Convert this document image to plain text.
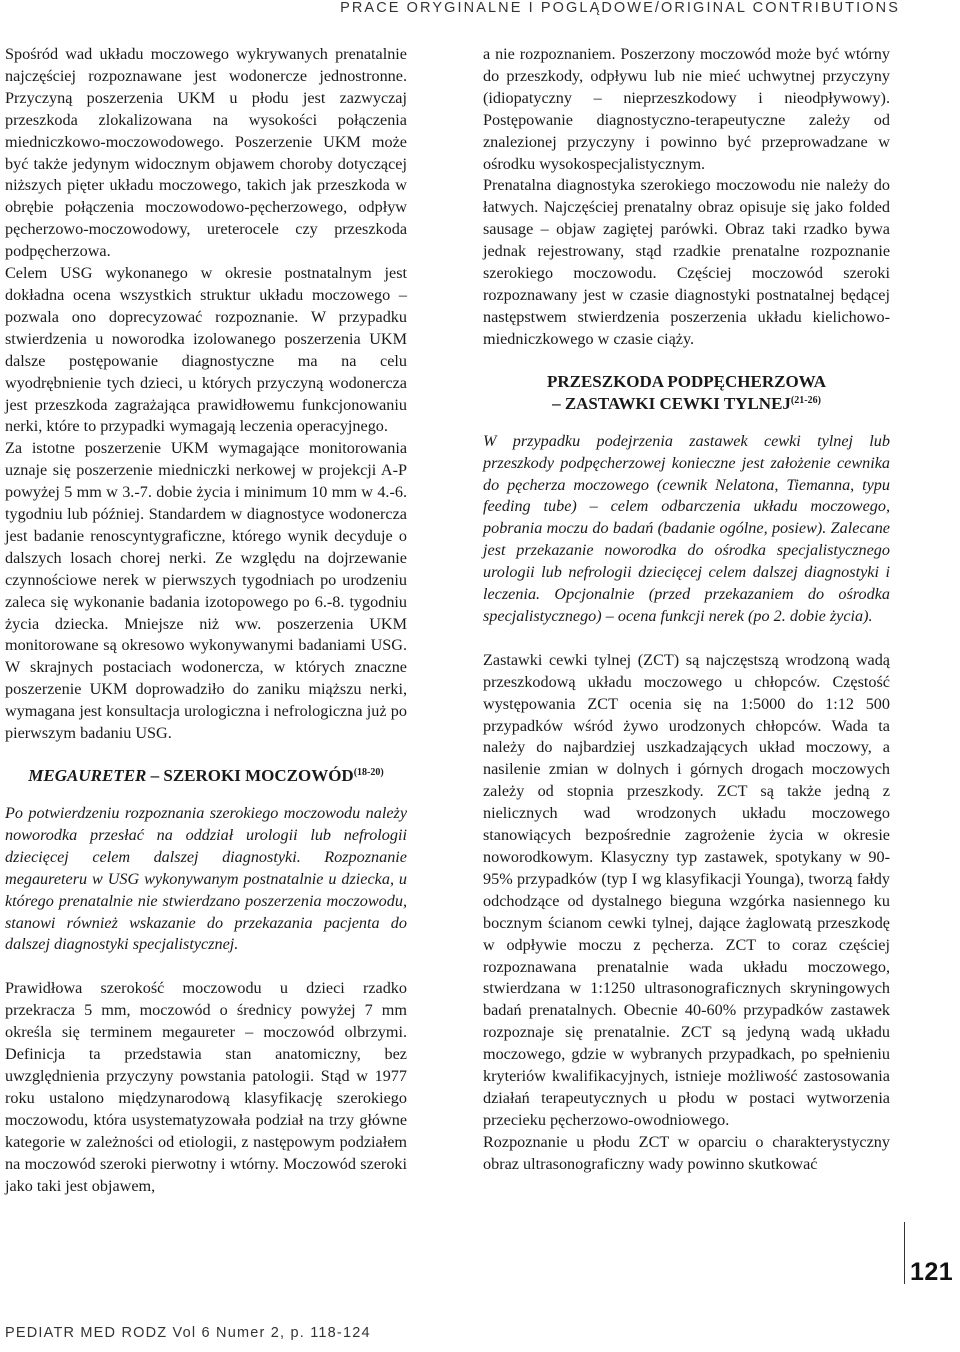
PRACE ORYGINALNE I POGLĄDOWE/ORIGINAL CONTRIBUTIONS

Spośród wad układu moczowego wykrywanych prenatalnie najczęściej rozpoznawane jest wodonercze jednostronne. Przyczyną poszerzenia UKM u płodu jest zazwyczaj przeszkoda zlokalizowana na wysokości połączenia miedniczkowo-moczowodowego. Poszerzenie UKM może być także jedynym widocznym objawem choroby dotyczącej niższych pięter układu moczowego, takich jak przeszkoda w obrębie połączenia moczowodowo-pęcherzowego, odpływ pęcherzowo-moczowodowy, ureterocele czy przeszkoda podpęcherzowa.

Celem USG wykonanego w okresie postnatalnym jest dokładna ocena wszystkich struktur układu moczowego – pozwala ono doprecyzować rozpoznanie. W przypadku stwierdzenia u noworodka izolowanego poszerzenia UKM dalsze postępowanie diagnostyczne ma na celu wyodrębnienie tych dzieci, u których przyczyną wodonercza jest przeszkoda zagrażająca prawidłowemu funkcjonowaniu nerki, które to przypadki wymagają leczenia operacyjnego.

Za istotne poszerzenie UKM wymagające monitorowania uznaje się poszerzenie miedniczki nerkowej w projekcji A-P powyżej 5 mm w 3.-7. dobie życia i minimum 10 mm w 4.-6. tygodniu lub później. Standardem w diagnostyce wodonercza jest badanie renoscyntygraficzne, którego wynik decyduje o dalszych losach chorej nerki. Ze względu na dojrzewanie czynnościowe nerek w pierwszych tygodniach po urodzeniu zaleca się wykonanie badania izotopowego po 6.-8. tygodniu życia dziecka. Mniejsze niż ww. poszerzenia UKM monitorowane są okresowo wykonywanymi badaniami USG. W skrajnych postaciach wodonercza, w których znaczne poszerzenie UKM doprowadziło do zaniku miąższu nerki, wymagana jest konsultacja urologiczna i nefrologiczna już po pierwszym badaniu USG.

MEGAURETER – SZEROKI MOCZOWÓD$^{(18-20)}$

Po potwierdzeniu rozpoznania szerokiego moczowodu należy noworodka przesłać na oddział urologii lub nefrologii dziecięcej celem dalszej diagnostyki. Rozpoznanie megaureteru w USG wykonywanym postnatalnie u dziecka, u którego prenatalnie nie stwierdzano poszerzenia moczowodu, stanowi również wskazanie do przekazania pacjenta do dalszej diagnostyki specjalistycznej.

Prawidłowa szerokość moczowodu u dzieci rzadko przekracza 5 mm, moczowód o średnicy powyżej 7 mm określa się terminem megaureter – moczowód olbrzymi. Definicja ta przedstawia stan anatomiczny, bez uwzględnienia przyczyny powstania patologii. Stąd w 1977 roku ustalono międzynarodową klasyfikację szerokiego moczowodu, która usystematyzowała podział na trzy główne kategorie w zależności od etiologii, z następowym podziałem na moczowód szeroki pierwotny i wtórny. Moczowód szeroki jako taki jest objawem,

a nie rozpoznaniem. Poszerzony moczowód może być wtórny do przeszkody, odpływu lub nie mieć uchwytnej przyczyny (idiopatyczny – nieprzeszkodowy i nieodpływowy). Postępowanie diagnostyczno-terapeutyczne zależy od znalezionej przyczyny i powinno być przeprowadzane w ośrodku wysokospecjalistycznym.

Prenatalna diagnostyka szerokiego moczowodu nie należy do łatwych. Najczęściej prenatalny obraz opisuje się jako folded sausage – objaw zagiętej parówki. Obraz taki rzadko bywa jednak rejestrowany, stąd rzadkie prenatalne rozpoznanie szerokiego moczowodu. Częściej moczowód szeroki rozpoznawany jest w czasie diagnostyki postnatalnej będącej następstwem stwierdzenia poszerzenia układu kielichowo-miedniczkowego w czasie ciąży.

PRZESZKODA PODPĘCHERZOWA
– ZASTAWKI CEWKI TYLNEJ$^{(21-26)}$

W przypadku podejrzenia zastawek cewki tylnej lub przeszkody podpęcherzowej konieczne jest założenie cewnika do pęcherza moczowego (cewnik Nelatona, Tiemanna, typu feeding tube) – celem odbarczenia układu moczowego, pobrania moczu do badań (badanie ogólne, posiew). Zalecane jest przekazanie noworodka do ośrodka specjalistycznego urologii lub nefrologii dziecięcej celem dalszej diagnostyki i leczenia. Opcjonalnie (przed przekazaniem do ośrodka specjalistycznego) – ocena funkcji nerek (po 2. dobie życia).

Zastawki cewki tylnej (ZCT) są najczęstszą wrodzoną wadą przeszkodową układu moczowego u chłopców. Częstość występowania ZCT ocenia się na 1:5000 do 1:12 500 przypadków wśród żywo urodzonych chłopców. Wada ta należy do najbardziej uszkadzających układ moczowy, a nasilenie zmian w dolnych i górnych drogach moczowych zależy od stopnia przeszkody. ZCT są także jedną z nielicznych wad wrodzonych układu moczowego stanowiących bezpośrednie zagrożenie życia w okresie noworodkowym. Klasyczny typ zastawek, spotykany w 90-95% przypadków (typ I wg klasyfikacji Younga), tworzą fałdy odchodzące od dystalnego bieguna wzgórka nasiennego ku bocznym ścianom cewki tylnej, dające żaglowatą przeszkodę w odpływie moczu z pęcherza. ZCT to coraz częściej rozpoznawana prenatalnie wada układu moczowego, stwierdzana w 1:1250 ultrasonograficznych skryningowych badań prenatalnych. Obecnie 40-60% przypadków zastawek rozpoznaje się prenatalnie. ZCT są jedyną wadą układu moczowego, gdzie w wybranych przypadkach, po spełnieniu kryteriów kwalifikacyjnych, istnieje możliwość zastosowania działań terapeutycznych u płodu w postaci wytworzenia przecieku pęcherzowo-owodniowego.

Rozpoznanie u płodu ZCT w oparciu o charakterystyczny obraz ultrasonograficzny wady powinno skutkować

121
PEDIATR MED RODZ Vol 6 Numer 2, p. 118-124
